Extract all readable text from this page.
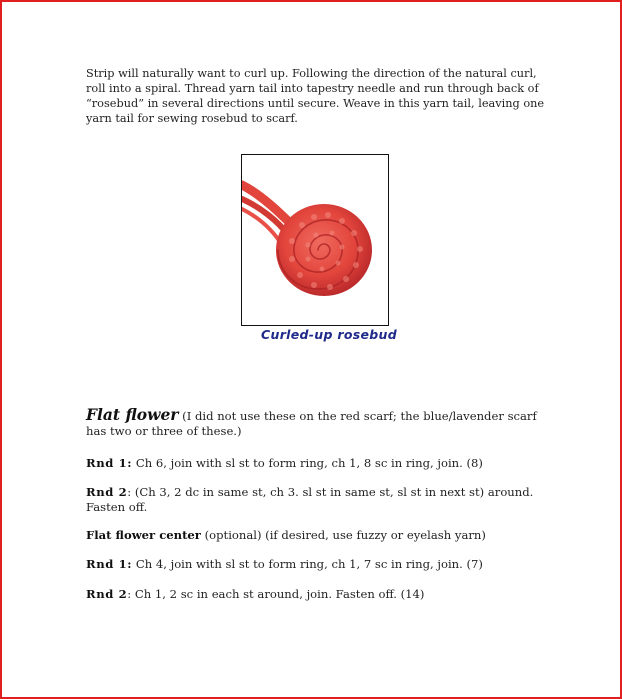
Strip will naturally want to curl up. Following the direction of the natural curl, roll into a spiral. Thread yarn tail into tapestry needle and run through back of “rosebud” in several directions until secure. Weave in this yarn tail, leaving one yarn tail for sewing rosebud to scarf.

Curled-up rosebud

Flat flower (I did not use these on the red scarf; the blue/lavender scarf has two or three of these.)

Rnd 1: Ch 6, join with sl st to form ring, ch 1, 8 sc in ring, join. (8)

Rnd 2: (Ch 3, 2 dc in same st, ch 3. sl st in same st, sl st in next st) around. Fasten off.

Flat flower center (optional) (if desired, use fuzzy or eyelash yarn)

Rnd 1: Ch 4, join with sl st to form ring, ch 1, 7 sc in ring, join. (7)

Rnd 2: Ch 1, 2 sc in each st around, join. Fasten off. (14)
